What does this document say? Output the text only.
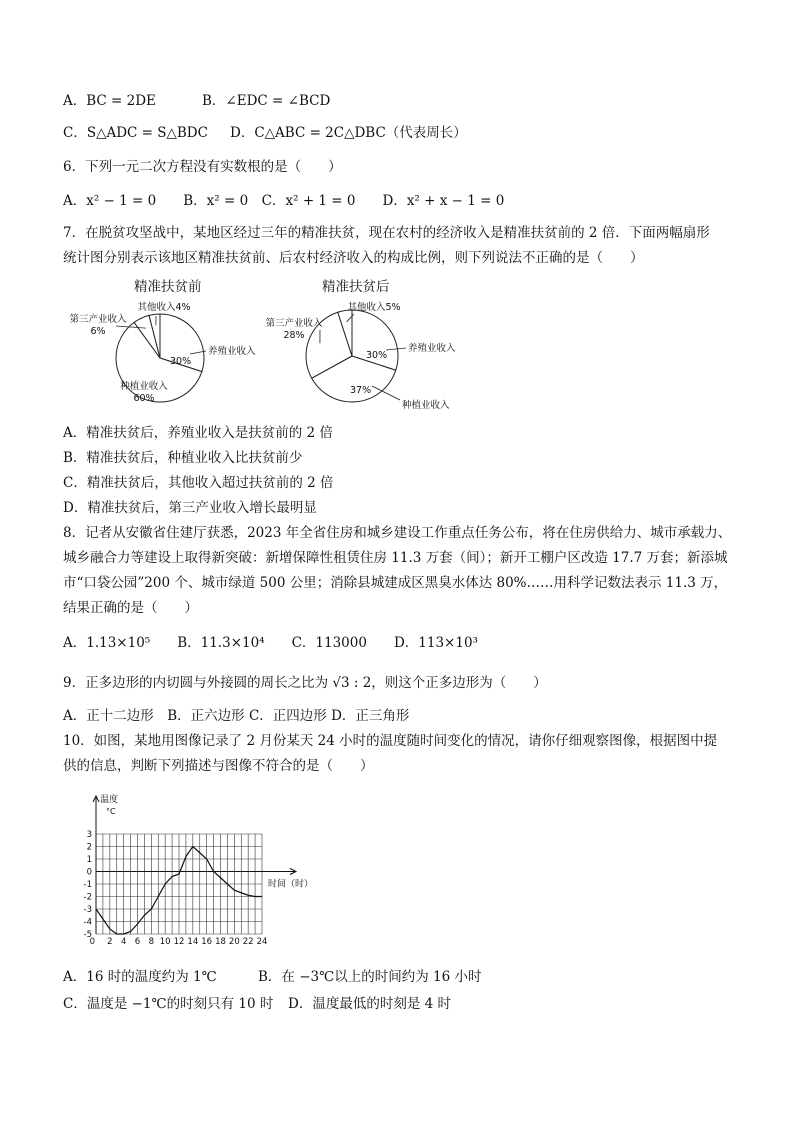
A．BC = 2DE	B．∠EDC = ∠BCD
C．S△ADC = S△BDC D．C△ABC = 2C△DBC（代表周长）
6．下列一元二次方程没有实数根的是（　　）
A．x² − 1 = 0　　B．x² = 0　C．x² + 1 = 0　　D．x² + x − 1 = 0
7．在脱贫攻坚战中，某地区经过三年的精准扶贫，现在农村的经济收入是精准扶贫前的 2 倍．下面两幅扇形
统计图分别表示该地区精准扶贫前、后农村经济收入的构成比例，则下列说法不正确的是（　　）
精准扶贫前	精准扶贫后
30%
种植业收入
60%
第三产业收入
6%
其他收入4%
养殖业收入	30%
37%
第三产业收入
28%
其他收入5%
养殖业收入
种植业收入
A．精准扶贫后，养殖业收入是扶贫前的 2 倍
B．精准扶贫后，种植业收入比扶贫前少
C．精准扶贫后，其他收入超过扶贫前的 2 倍
D．精准扶贫后，第三产业收入增长最明显
8．记者从安徽省住建厅获悉，2023 年全省住房和城乡建设工作重点任务公布，将在住房供给力、城市承载力、
城乡融合力等建设上取得新突破：新增保障性租赁住房 11.3 万套（间）；新开工棚户区改造 17.7 万套；新添城
市“口袋公园”200 个、城市绿道 500 公里；消除县城建成区黑臭水体达 80%……用科学记数法表示 11.3 万，
结果正确的是（　　）
A．1.13×10⁵　　B．11.3×10⁴　　C．113000　　D．113×10³
9．正多边形的内切圆与外接圆的周长之比为 √3 : 2，则这个正多边形为（　　）
A．正十二边形　B．正六边形 C．正四边形 D．正三角形
10．如图，某地用图像记录了 2 月份某天 24 小时的温度随时间变化的情况，请你仔细观察图像，根据图中提
供的信息，判断下列描述与图像不符合的是（　　）
温度
°C
时间（时）
3
2
1
0
-1
-2
-3
-4
-5
0 2 4 6 8 10 12 14 16 18 20 22 24
A．16 时的温度约为 1℃	B．在 −3℃以上的时间约为 16 小时
C．温度是 −1℃的时刻只有 10 时 D．温度最低的时刻是 4 时
